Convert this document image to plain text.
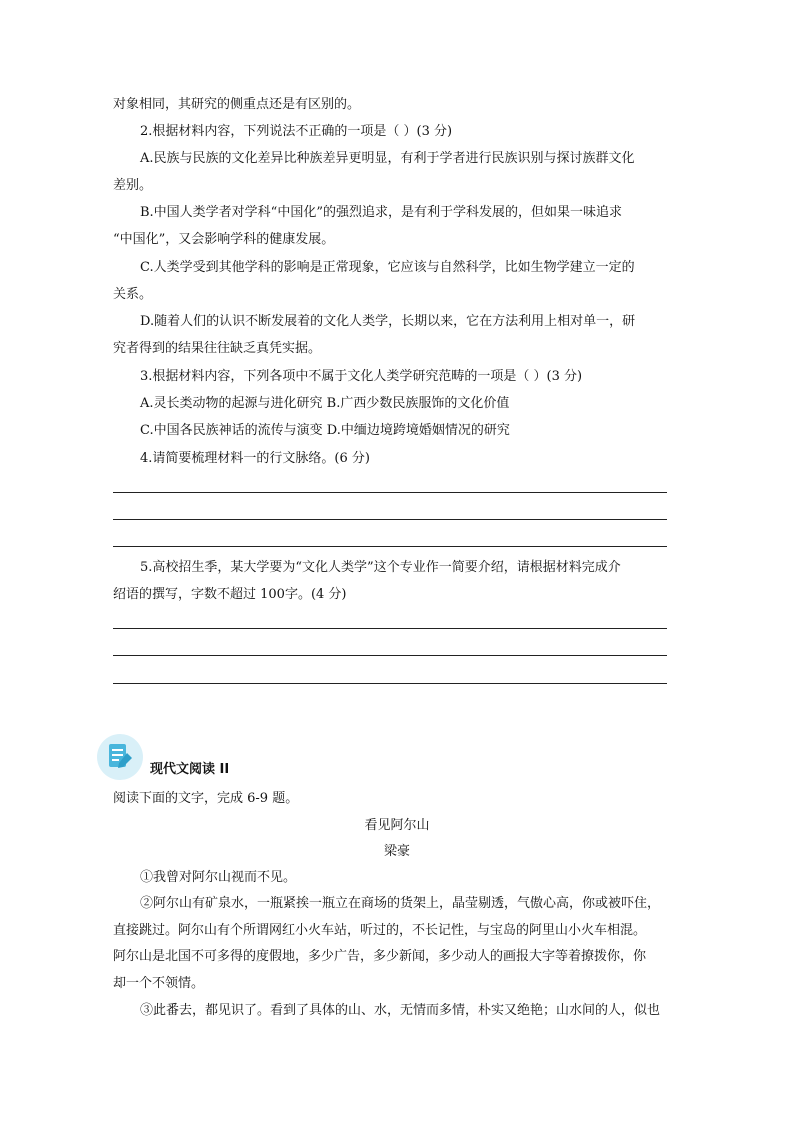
对象相同，其研究的侧重点还是有区别的。
2.根据材料内容，下列说法不正确的一项是（ ）(3 分)
A.民族与民族的文化差异比种族差异更明显，有利于学者进行民族识别与探讨族群文化
差别。
B.中国人类学者对学科“中国化”的强烈追求，是有利于学科发展的，但如果一味追求
“中国化”，又会影响学科的健康发展。
C.人类学受到其他学科的影响是正常现象，它应该与自然科学，比如生物学建立一定的
关系。
D.随着人们的认识不断发展着的文化人类学，长期以来，它在方法利用上相对单一，研
究者得到的结果往往缺乏真凭实据。
3.根据材料内容，下列各项中不属于文化人类学研究范畴的一项是（ ）(3 分)
A.灵长类动物的起源与进化研究 B.广西少数民族服饰的文化价值
C.中国各民族神话的流传与演变 D.中缅边境跨境婚姻情况的研究
4.请简要梳理材料一的行文脉络。(6 分)
5.高校招生季，某大学要为“文化人类学”这个专业作一简要介绍，请根据材料完成介
绍语的撰写，字数不超过 100字。(4 分)
现代文阅读 II
阅读下面的文字，完成 6-9 题。
看见阿尔山
梁豪
①我曾对阿尔山视而不见。
②阿尔山有矿泉水，一瓶紧挨一瓶立在商场的货架上，晶莹剔透，气傲心高，你或被吓住，
直接跳过。阿尔山有个所谓网红小火车站，听过的，不长记性，与宝岛的阿里山小火车相混。
阿尔山是北国不可多得的度假地，多少广告，多少新闻，多少动人的画报大字等着撩拨你，你
却一个不领情。
③此番去，都见识了。看到了具体的山、水，无情而多情，朴实又绝艳；山水间的人，似也
